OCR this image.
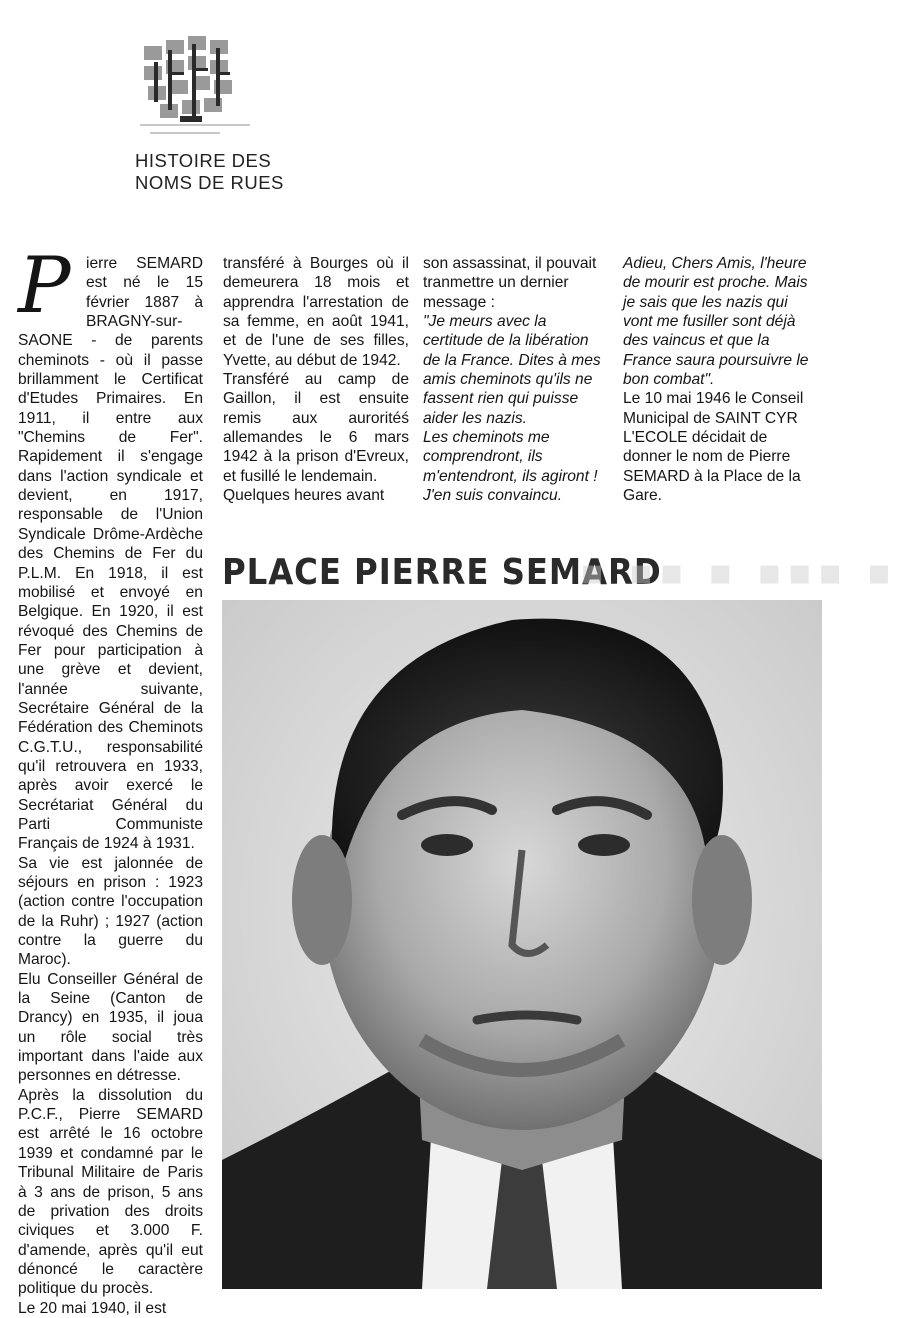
HISTOIRE DES
NOMS DE RUES

Pierre SEMARD est né le 15 février 1887 à BRAGNY-sur-SAONE - de parents cheminots - où il passe brillamment le Certificat d'Etudes Primaires. En 1911, il entre aux "Chemins de Fer". Rapidement il s'engage dans l'action syndicale et devient, en 1917, responsable de l'Union Syndicale Drôme-Ardèche des Chemins de Fer du P.L.M. En 1918, il est mobilisé et envoyé en Belgique. En 1920, il est révoqué des Chemins de Fer pour participation à une grève et devient, l'année suivante, Secrétaire Général de la Fédération des Cheminots C.G.T.U., responsabilité qu'il retrouvera en 1933, après avoir exercé le Secrétariat Général du Parti Communiste Français de 1924 à 1931.

Sa vie est jalonnée de séjours en prison : 1923 (action contre l'occupation de la Ruhr) ; 1927 (action contre la guerre du Maroc).

Elu Conseiller Général de la Seine (Canton de Drancy) en 1935, il joua un rôle social très important dans l'aide aux personnes en détresse.

Après la dissolution du P.C.F., Pierre SEMARD est arrêté le 16 octobre 1939 et condamné par le Tribunal Militaire de Paris à 3 ans de prison, 5 ans de privation des droits civiques et 3.000 F. d'amende, après qu'il eut dénoncé le caractère politique du procès.

Le 20 mai 1940, il est

transféré à Bourges où il demeurera 18 mois et apprendra l'arrestation de sa femme, en août 1941, et de l'une de ses filles, Yvette, au début de 1942.

Transféré au camp de Gaillon, il est ensuite remis aux auroritéś allemandes le 6 mars 1942 à la prison d'Evreux, et fusillé le lendemain.

Quelques heures avant

son assassinat, il pouvait tranmettre un dernier message :

"Je meurs avec la certitude de la libération de la France. Dites à mes amis cheminots qu'ils ne fassent rien qui puisse aider les nazis.

Les cheminots me comprendront, ils m'entendront, ils agiront ! J'en suis convaincu.

Adieu, Chers Amis, l'heure de mourir est proche. Mais je sais que les nazis qui vont me fusiller sont déjà des vaincus et que la France saura poursuivre le bon combat".

Le 10 mai 1946 le Conseil Municipal de SAINT CYR L'ECOLE décidait de donner le nom de Pierre SEMARD à la Place de la Gare.

PLACE PIERRE SEMARD
▪ ▪▪ ▪ ▪▪▪ ▪
